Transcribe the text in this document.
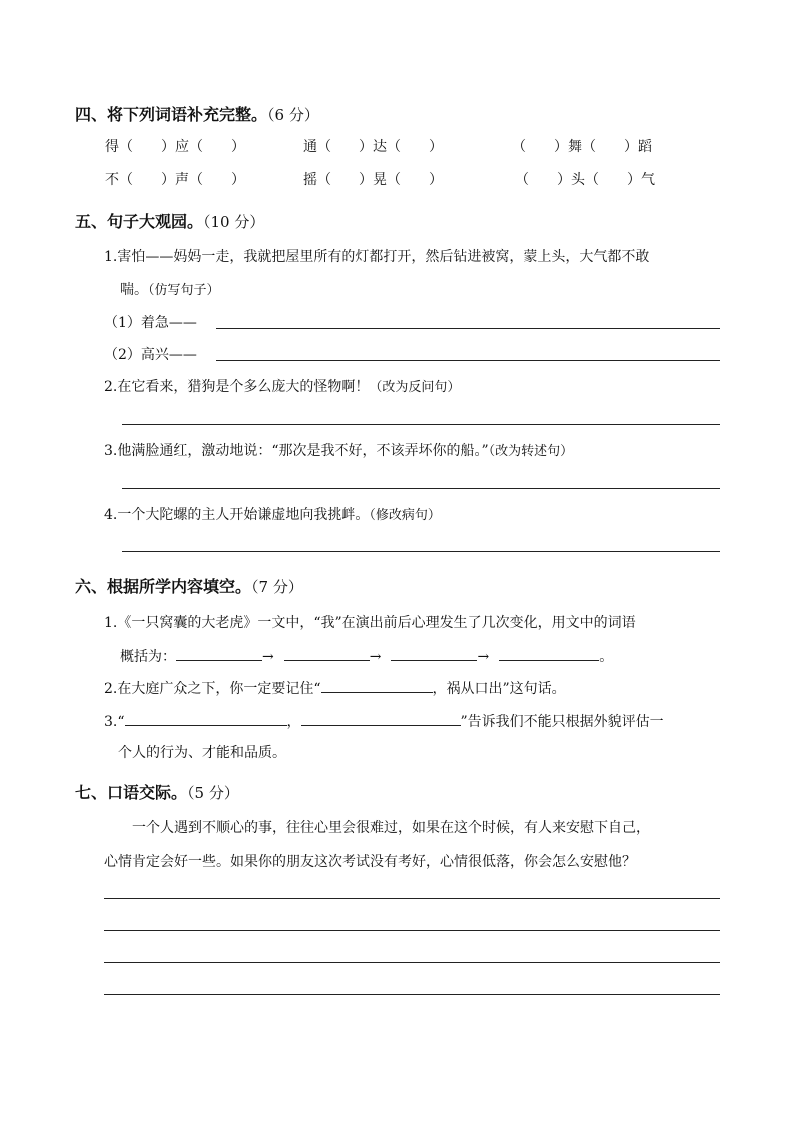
四、将下列词语补充完整。（6 分）
得（ ）应（ ）	通（ ）达（ ）	（ ）舞（ ）蹈
不（ ）声（ ）	摇（ ）晃（ ）	（ ）头（ ）气
五、句子大观园。（10 分）
1.害怕——妈妈一走，我就把屋里所有的灯都打开，然后钻进被窝，蒙上头，大气都不敢
喘。（仿写句子）
（1）着急——
（2）高兴——
2.在它看来，猎狗是个多么庞大的怪物啊！（改为反问句）
3.他满脸通红，激动地说：“那次是我不好，不该弄坏你的船。”（改为转述句）
4.一个大陀螺的主人开始谦虚地向我挑衅。（修改病句）
六、根据所学内容填空。（7 分）
1.《一只窝囊的大老虎》一文中，“我”在演出前后心理发生了几次变化，用文中的词语
概括为：	→	→	→	。
2.在大庭广众之下，你一定要记住“	，祸从口出”这句话。
3.“	，	”告诉我们不能只根据外貌评估一
个人的行为、才能和品质。
七、口语交际。（5 分）
一个人遇到不顺心的事，往往心里会很难过，如果在这个时候，有人来安慰下自己，
心情肯定会好一些。如果你的朋友这次考试没有考好，心情很低落，你会怎么安慰他？
